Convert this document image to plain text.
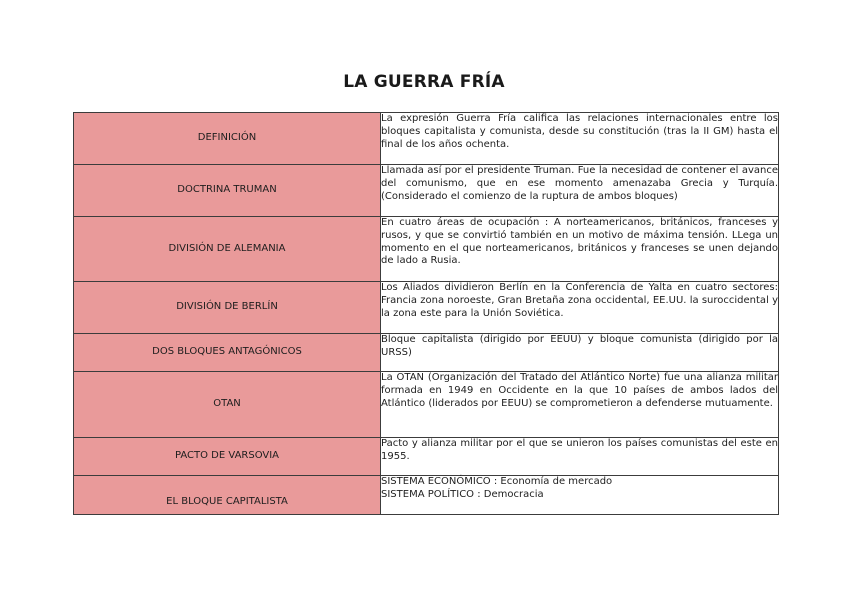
LA GUERRA FRÍA
DEFINICIÓN	La expresión Guerra Fría califica las relaciones internacionales entre los bloques capitalista y comunista, desde su constitución (tras la II GM) hasta el final de los años ochenta.
DOCTRINA TRUMAN	Llamada así por el presidente Truman. Fue la necesidad de contener el avance del comunismo, que en ese momento amenazaba Grecia y Turquía. (Considerado el comienzo de la ruptura de ambos bloques)
DIVISIÓN DE ALEMANIA	En cuatro áreas de ocupación : A norteamericanos, británicos, franceses y rusos, y que se convirtió también en un motivo de máxima tensión. LLega un momento en el que norteamericanos, británicos y franceses se unen dejando de lado a Rusia.
DIVISIÓN DE BERLÍN	Los Aliados dividieron Berlín en la Conferencia de Yalta en cuatro sectores: Francia zona noroeste, Gran Bretaña zona occidental, EE.UU. la suroccidental y la zona este para la Unión Soviética.
DOS BLOQUES ANTAGÓNICOS	Bloque capitalista (dirigido por EEUU) y bloque comunista (dirigido por la URSS)
OTAN	La OTAN (Organización del Tratado del Atlántico Norte) fue una alianza militar formada en 1949 en Occidente en la que 10 países de ambos lados del Atlántico (liderados por EEUU) se comprometieron a defenderse mutuamente.
PACTO DE VARSOVIA	Pacto y alianza militar por el que se unieron los países comunistas del este en 1955.
EL BLOQUE CAPITALISTA	SISTEMA ECONÓMICO : Economía de mercado
SISTEMA POLÍTICO : Democracia
